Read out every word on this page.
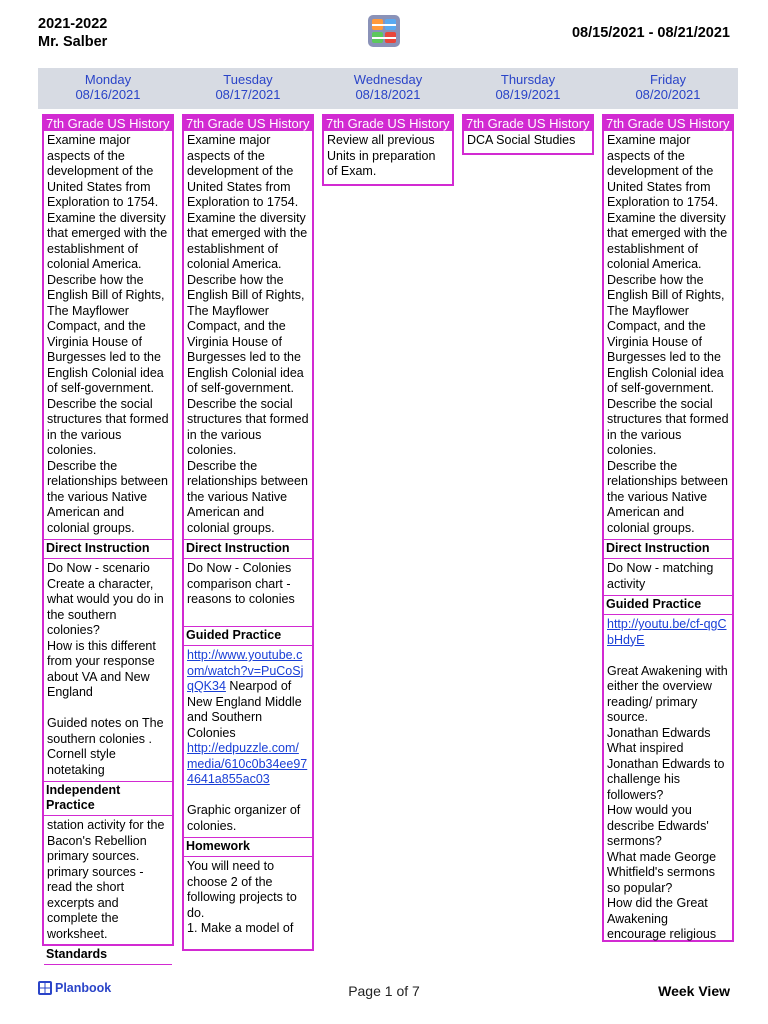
2021-2022
Mr. Salber
08/15/2021 - 08/21/2021
Monday
08/16/2021
Tuesday
08/17/2021
Wednesday
08/18/2021
Thursday
08/19/2021
Friday
08/20/2021
7th Grade US History
Examine major aspects of the development of the United States from Exploration to 1754.
Examine the diversity that emerged with the establishment of colonial America.
Describe how the English Bill of Rights, The Mayflower Compact, and the Virginia House of Burgesses led to the English Colonial idea of self-government.
Describe the social structures that formed in the various colonies.
Describe the relationships between the various Native American and colonial groups.
Direct Instruction
Do Now - scenario
Create a character, what would you do in the southern colonies?
How is this different from your response about VA and New England

Guided notes on The southern colonies . Cornell style notetaking
Independent Practice
station activity for the Bacon's Rebellion primary sources.
primary sources - read the short excerpts and complete the worksheet.
Standards
7th Grade US History
Examine major aspects of the development of the United States from Exploration to 1754.
Examine the diversity that emerged with the establishment of colonial America.
Describe how the English Bill of Rights, The Mayflower Compact, and the Virginia House of Burgesses led to the English Colonial idea of self-government.
Describe the social structures that formed in the various colonies.
Describe the relationships between the various Native American and colonial groups.
Direct Instruction
Do Now - Colonies comparison chart - reasons to colonies
Guided Practice
http://www.youtube.com/watch?v=PuCoSjqQK34 Nearpod of New England Middle and Southern Colonies
http://edpuzzle.com/media/610c0b34ee974641a855ac03

Graphic organizer of colonies.
Homework
You will need to choose 2 of the following projects to do.
1. Make a model of
7th Grade US History
Review all previous Units in preparation of Exam.
7th Grade US History
DCA Social Studies
7th Grade US History
Examine major aspects of the development of the United States from Exploration to 1754.
Examine the diversity that emerged with the establishment of colonial America.
Describe how the English Bill of Rights, The Mayflower Compact, and the Virginia House of Burgesses led to the English Colonial idea of self-government.
Describe the social structures that formed in the various colonies.
Describe the relationships between the various Native American and colonial groups.
Direct Instruction
Do Now - matching activity
Guided Practice
http://youtu.be/cf-qgCbHdyE

Great Awakening with either the overview reading/ primary source.
Jonathan Edwards What inspired Jonathan Edwards to challenge his followers?
How would you describe Edwards' sermons?
What made George Whitfield's sermons so popular?
How did the Great Awakening encourage religious
Planbook	Page 1 of 7	Week View
